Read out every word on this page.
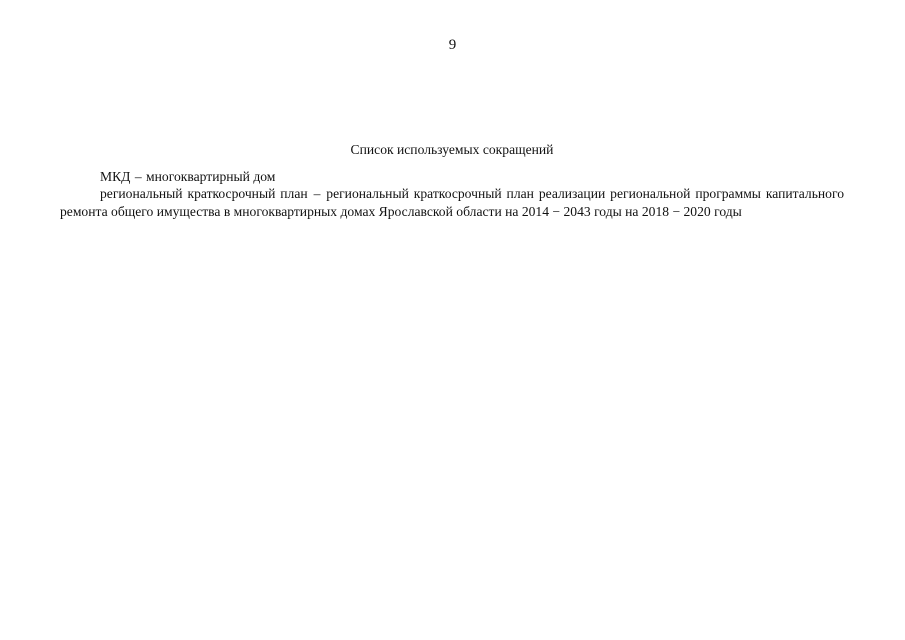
9

Список используемых сокращений

МКД – многоквартирный дом

региональный краткосрочный план – региональный краткосрочный план реализации региональной программы капитального ремонта общего имущества в многоквартирных домах Ярославской области на 2014 − 2043 годы на 2018 − 2020 годы
